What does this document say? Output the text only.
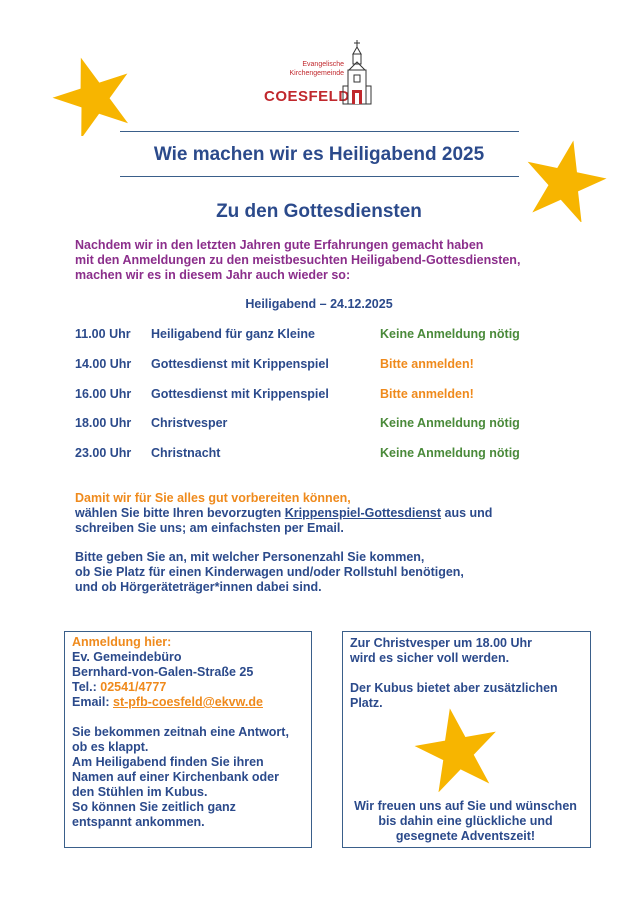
Evangelische
Kirchengemeinde
COESFELD
Wie machen wir es Heiligabend 2025
Zu den Gottesdiensten
Nachdem wir in den letzten Jahren gute Erfahrungen gemacht haben
mit den Anmeldungen zu den meistbesuchten Heiligabend-Gottesdiensten,
machen wir es in diesem Jahr auch wieder so:
Heiligabend – 24.12.2025
11.00 Uhr Heiligabend für ganz Kleine	Keine Anmeldung nötig
14.00 Uhr Gottesdienst mit Krippenspiel	Bitte anmelden!
16.00 Uhr Gottesdienst mit Krippenspiel	Bitte anmelden!
18.00 Uhr Christvesper	Keine Anmeldung nötig
23.00 Uhr Christnacht	Keine Anmeldung nötig
Damit wir für Sie alles gut vorbereiten können,
wählen Sie bitte Ihren bevorzugten Krippenspiel-Gottesdienst aus und
schreiben Sie uns; am einfachsten per Email.
Bitte geben Sie an, mit welcher Personenzahl Sie kommen,
ob Sie Platz für einen Kinderwagen und/oder Rollstuhl benötigen,
und ob Hörgeräteträger*innen dabei sind.
Anmeldung hier:
Ev. Gemeindebüro
Bernhard-von-Galen-Straße 25
Tel.: 02541/4777
Email: st-pfb-coesfeld@ekvw.de
Sie bekommen zeitnah eine Antwort,
ob es klappt.
Am Heiligabend finden Sie ihren
Namen auf einer Kirchenbank oder
den Stühlen im Kubus.
So können Sie zeitlich ganz
entspannt ankommen.
Zur Christvesper um 18.00 Uhr
wird es sicher voll werden.
Der Kubus bietet aber zusätzlichen
Platz.
Wir freuen uns auf Sie und wünschen
bis dahin eine glückliche und
gesegnete Adventszeit!
